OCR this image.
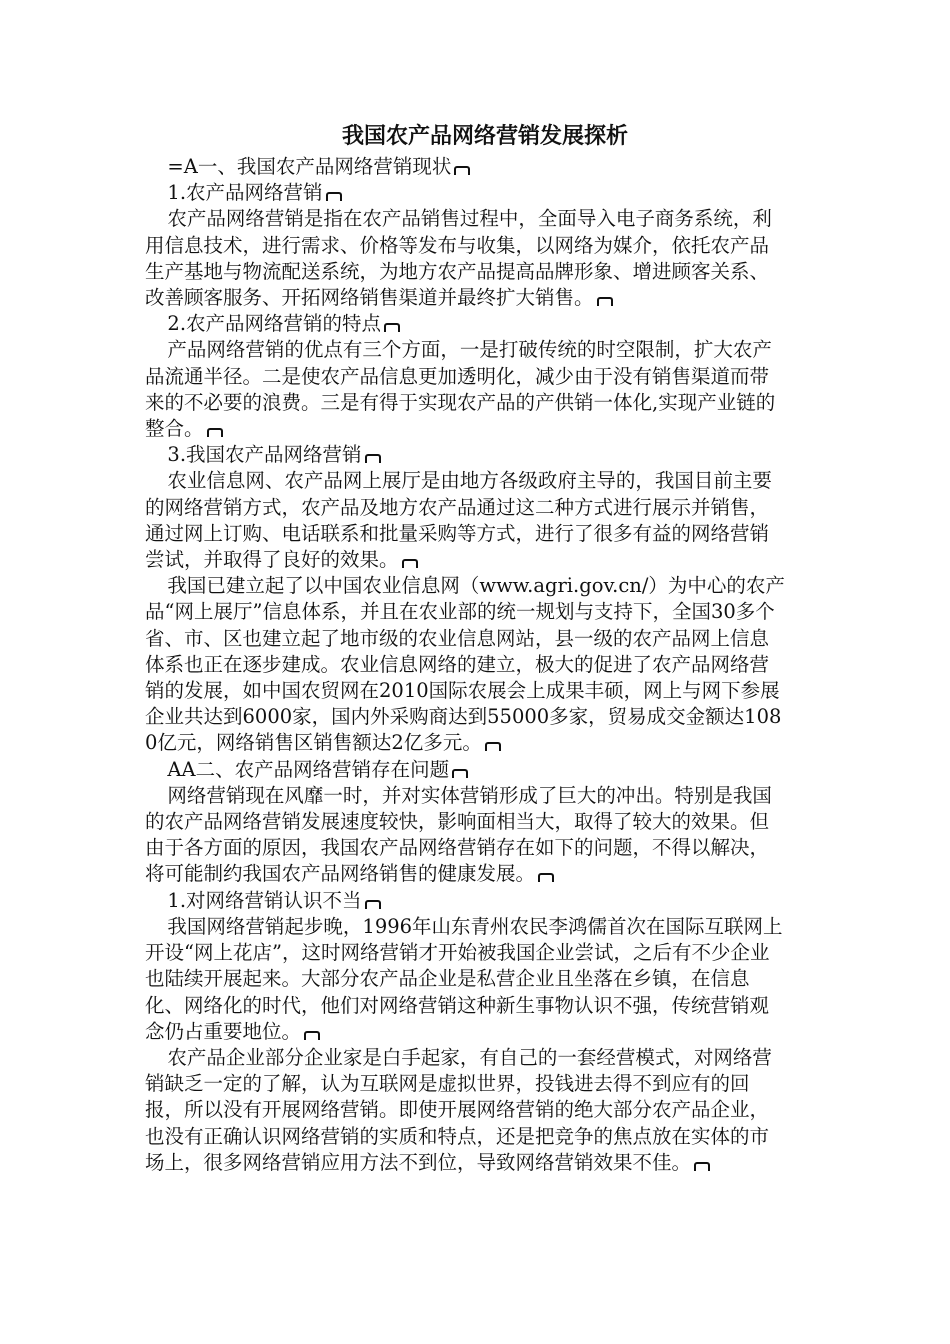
我国农产品网络营销发展探析

=A一、我国农产品网络营销现状

1.农产品网络营销

农产品网络营销是指在农产品销售过程中，全面导入电子商务系统，利用信息技术，进行需求、价格等发布与收集，以网络为媒介，依托农产品生产基地与物流配送系统，为地方农产品提高品牌形象、增进顾客关系、改善顾客服务、开拓网络销售渠道并最终扩大销售。

2.农产品网络营销的特点

产品网络营销的优点有三个方面，一是打破传统的时空限制，扩大农产品流通半径。二是使农产品信息更加透明化，减少由于没有销售渠道而带来的不必要的浪费。三是有得于实现农产品的产供销一体化,实现产业链的整合。

3.我国农产品网络营销

农业信息网、农产品网上展厅是由地方各级政府主导的，我国目前主要的网络营销方式，农产品及地方农产品通过这二种方式进行展示并销售，通过网上订购、电话联系和批量采购等方式，进行了很多有益的网络营销尝试，并取得了良好的效果。

我国已建立起了以中国农业信息网（www.agri.gov.cn/）为中心的农产品“网上展厅”信息体系，并且在农业部的统一规划与支持下，全国30多个省、市、区也建立起了地市级的农业信息网站，县一级的农产品网上信息体系也正在逐步建成。农业信息网络的建立，极大的促进了农产品网络营销的发展，如中国农贸网在2010国际农展会上成果丰硕，网上与网下参展企业共达到6000家，国内外采购商达到55000多家，贸易成交金额达1080亿元，网络销售区销售额达2亿多元。

AA二、农产品网络营销存在问题

网络营销现在风靡一时，并对实体营销形成了巨大的冲出。特别是我国的农产品网络营销发展速度较快，影响面相当大，取得了较大的效果。但由于各方面的原因，我国农产品网络营销存在如下的问题，不得以解决，将可能制约我国农产品网络销售的健康发展。

1.对网络营销认识不当

我国网络营销起步晚，1996年山东青州农民李鸿儒首次在国际互联网上开设“网上花店”，这时网络营销才开始被我国企业尝试，之后有不少企业也陆续开展起来。大部分农产品企业是私营企业且坐落在乡镇，在信息化、网络化的时代，他们对网络营销这种新生事物认识不强，传统营销观念仍占重要地位。

农产品企业部分企业家是白手起家，有自己的一套经营模式，对网络营销缺乏一定的了解，认为互联网是虚拟世界，投钱进去得不到应有的回报，所以没有开展网络营销。即使开展网络营销的绝大部分农产品企业，也没有正确认识网络营销的实质和特点，还是把竞争的焦点放在实体的市场上，很多网络营销应用方法不到位，导致网络营销效果不佳。
